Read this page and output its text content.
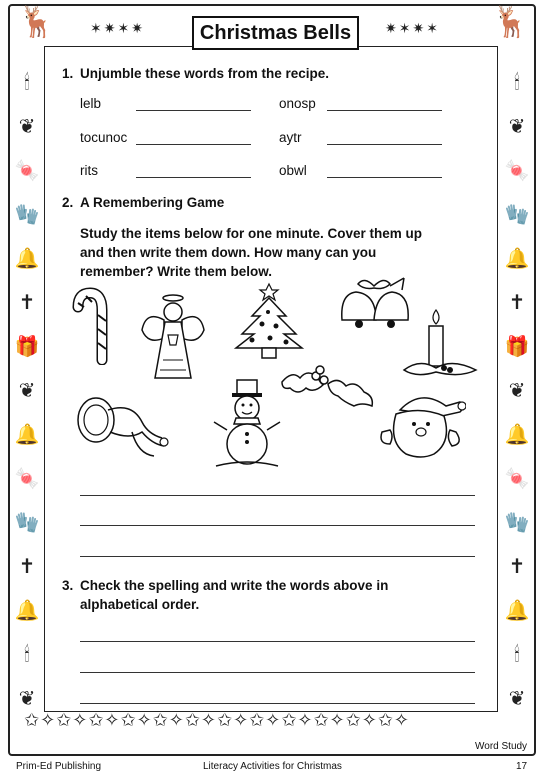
🦌	🦌
✶✷✶✷	✷✶✷✶
🕯
❦
🍬
🧤
🔔
✝
🎁
❦
🔔
🍬
🧤
✝
🔔
🕯
❦
🕯
❦
🍬
🧤
🔔
✝
🎁
❦
🔔
🍬
🧤
✝
🔔
🕯
❦
✩✧✩✧✩✧✩✧✩✧✩✧✩✧✩✧✩✧✩✧✩✧✩✧
Christmas Bells
1. Unjumble these words from the recipe.
lelb	onosp
tocunoc	aytr
rits	obwl
2. A Remembering Game
Study the items below for one minute. Cover them up
and then write them down. How many can you
remember? Write them below.
3. Check the spelling and write the words above in
alphabetical order.
Word Study
Prim-Ed Publishing	Literacy Activities for Christmas	17
